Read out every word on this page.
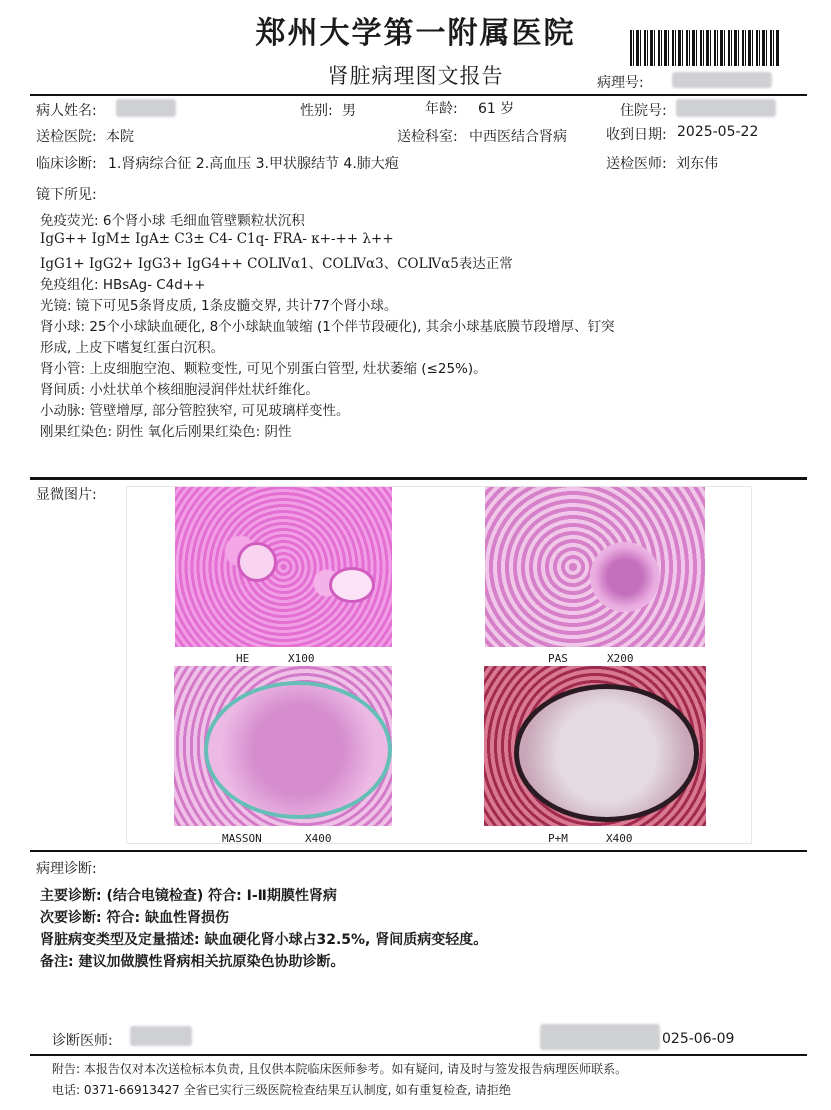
郑州大学第一附属医院
肾脏病理图文报告	病理号:
病人姓名:	性别: 男	年龄: 61 岁	住院号:
送检医院: 本院	送检科室: 中西医结合肾病	收到日期: 2025-05-22
临床诊断: 1.肾病综合征 2.高血压 3.甲状腺结节 4.肺大疱	送检医师: 刘东伟
镜下所见:
免疫荧光: 6个肾小球 毛细血管壁颗粒状沉积
IgG++ IgM± IgA± C3± C4- C1q- FRA- κ+-++ λ++
IgG1+ IgG2+ IgG3+ IgG4++ COLⅣα1、COLⅣα3、COLⅣα5表达正常
免疫组化: HBsAg- C4d++
光镜: 镜下可见5条肾皮质, 1条皮髓交界, 共计77个肾小球。
肾小球: 25个小球缺血硬化, 8个小球缺血皱缩 (1个伴节段硬化), 其余小球基底膜节段增厚、钉突
形成, 上皮下嗜复红蛋白沉积。
肾小管: 上皮细胞空泡、颗粒变性, 可见个别蛋白管型, 灶状萎缩 (≤25%)。
肾间质: 小灶状单个核细胞浸润伴灶状纤维化。
小动脉: 管壁增厚, 部分管腔狭窄, 可见玻璃样变性。
刚果红染色: 阴性 氧化后刚果红染色: 阴性
显微图片:
HE	X100	PAS	X200
MASSON	X400	P+M	X400
病理诊断:
主要诊断: (结合电镜检查) 符合: Ⅰ-Ⅱ期膜性肾病
次要诊断: 符合: 缺血性肾损伤
肾脏病变类型及定量描述: 缺血硬化肾小球占32.5%, 肾间质病变轻度。
备注: 建议加做膜性肾病相关抗原染色协助诊断。
诊断医师:	025-06-09
附告: 本报告仅对本次送检标本负责, 且仅供本院临床医师参考。如有疑问, 请及时与签发报告病理医师联系。
电话: 0371-66913427 全省已实行三级医院检查结果互认制度, 如有重复检查, 请拒绝
